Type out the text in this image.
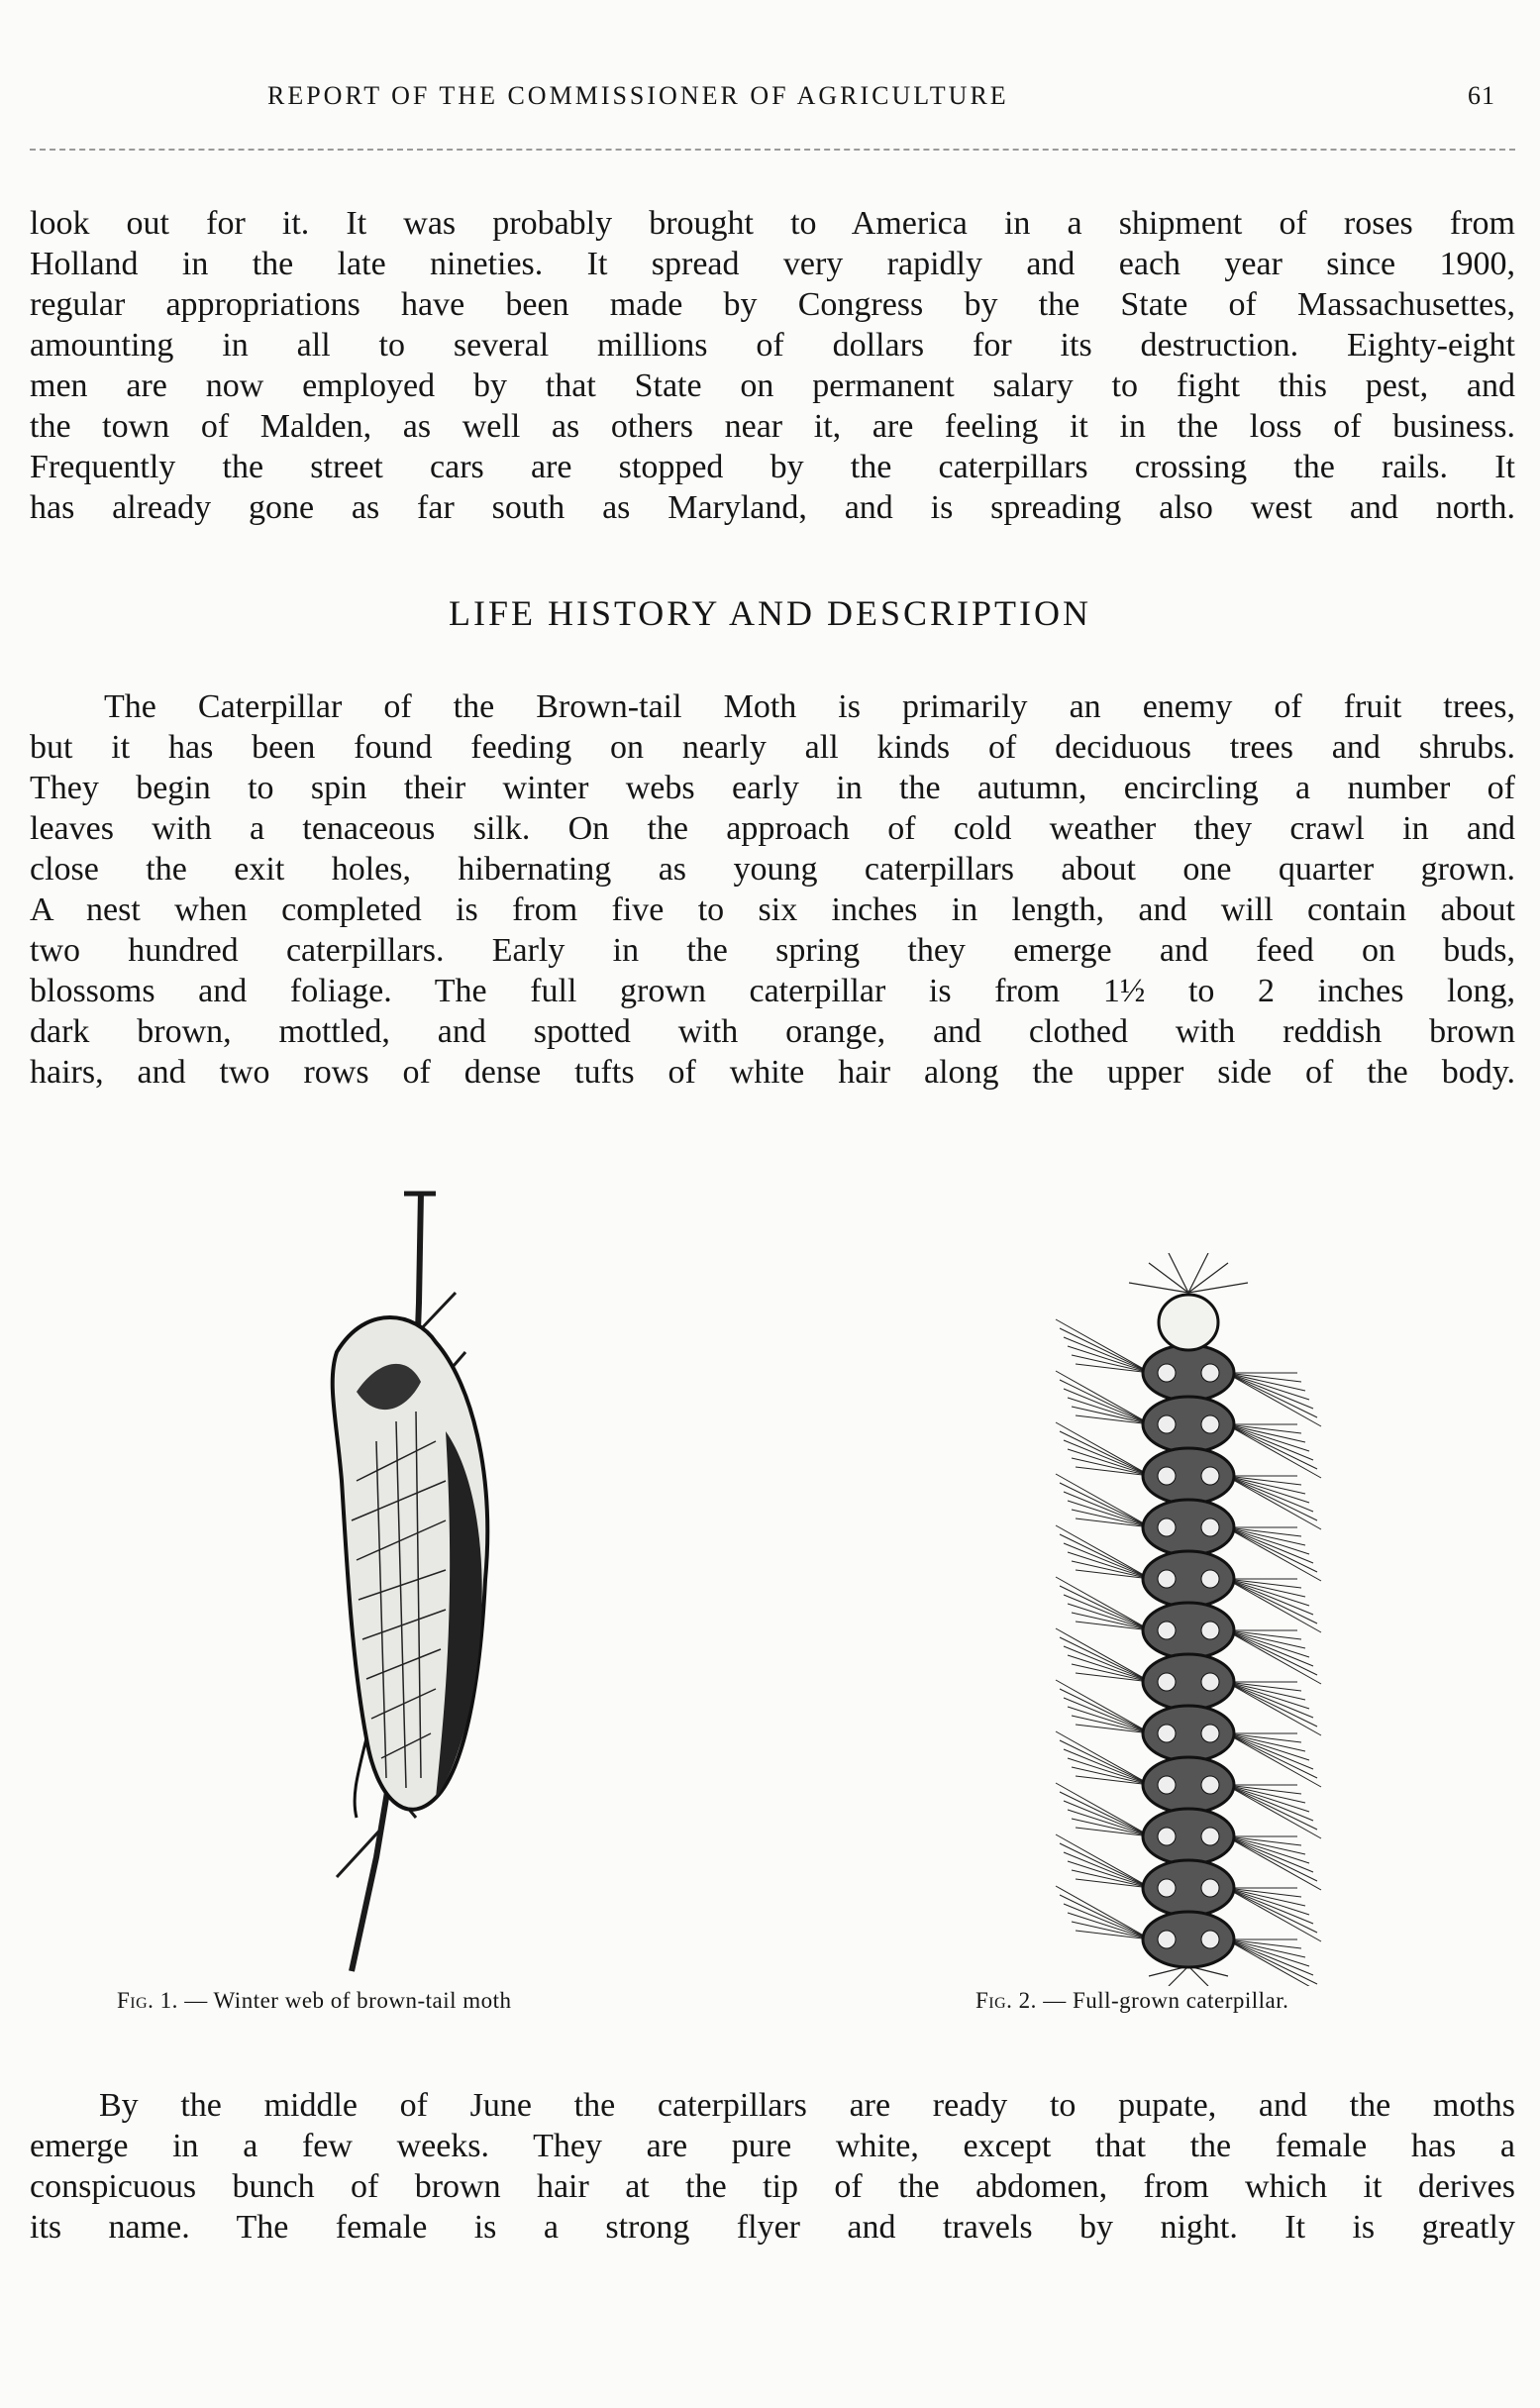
REPORT OF THE COMMISSIONER OF AGRICULTURE	61
look out for it. It was probably brought to America in a shipment of roses from
Holland in the late nineties. It spread very rapidly and each year since 1900,
regular appropriations have been made by Congress by the State of Massachusettes,
amounting in all to several millions of dollars for its destruction. Eighty-eight
men are now employed by that State on permanent salary to fight this pest, and
the town of Malden, as well as others near it, are feeling it in the loss of business.
Frequently the street cars are stopped by the caterpillars crossing the rails. It
has already gone as far south as Maryland, and is spreading also west and north.
LIFE HISTORY AND DESCRIPTION
The Caterpillar of the Brown-tail Moth is primarily an enemy of fruit trees,
but it has been found feeding on nearly all kinds of deciduous trees and shrubs.
They begin to spin their winter webs early in the autumn, encircling a number of
leaves with a tenaceous silk. On the approach of cold weather they crawl in and
close the exit holes, hibernating as young caterpillars about one quarter grown.
A nest when completed is from five to six inches in length, and will contain about
two hundred caterpillars. Early in the spring they emerge and feed on buds,
blossoms and foliage. The full grown caterpillar is from 1½ to 2 inches long,
dark brown, mottled, and spotted with orange, and clothed with reddish brown
hairs, and two rows of dense tufts of white hair along the upper side of the body.
Fig. 1. — Winter web of brown-tail moth	Fig. 2. — Full-grown caterpillar.
By the middle of June the caterpillars are ready to pupate, and the moths
emerge in a few weeks. They are pure white, except that the female has a
conspicuous bunch of brown hair at the tip of the abdomen, from which it derives
its name. The female is a strong flyer and travels by night. It is greatly
